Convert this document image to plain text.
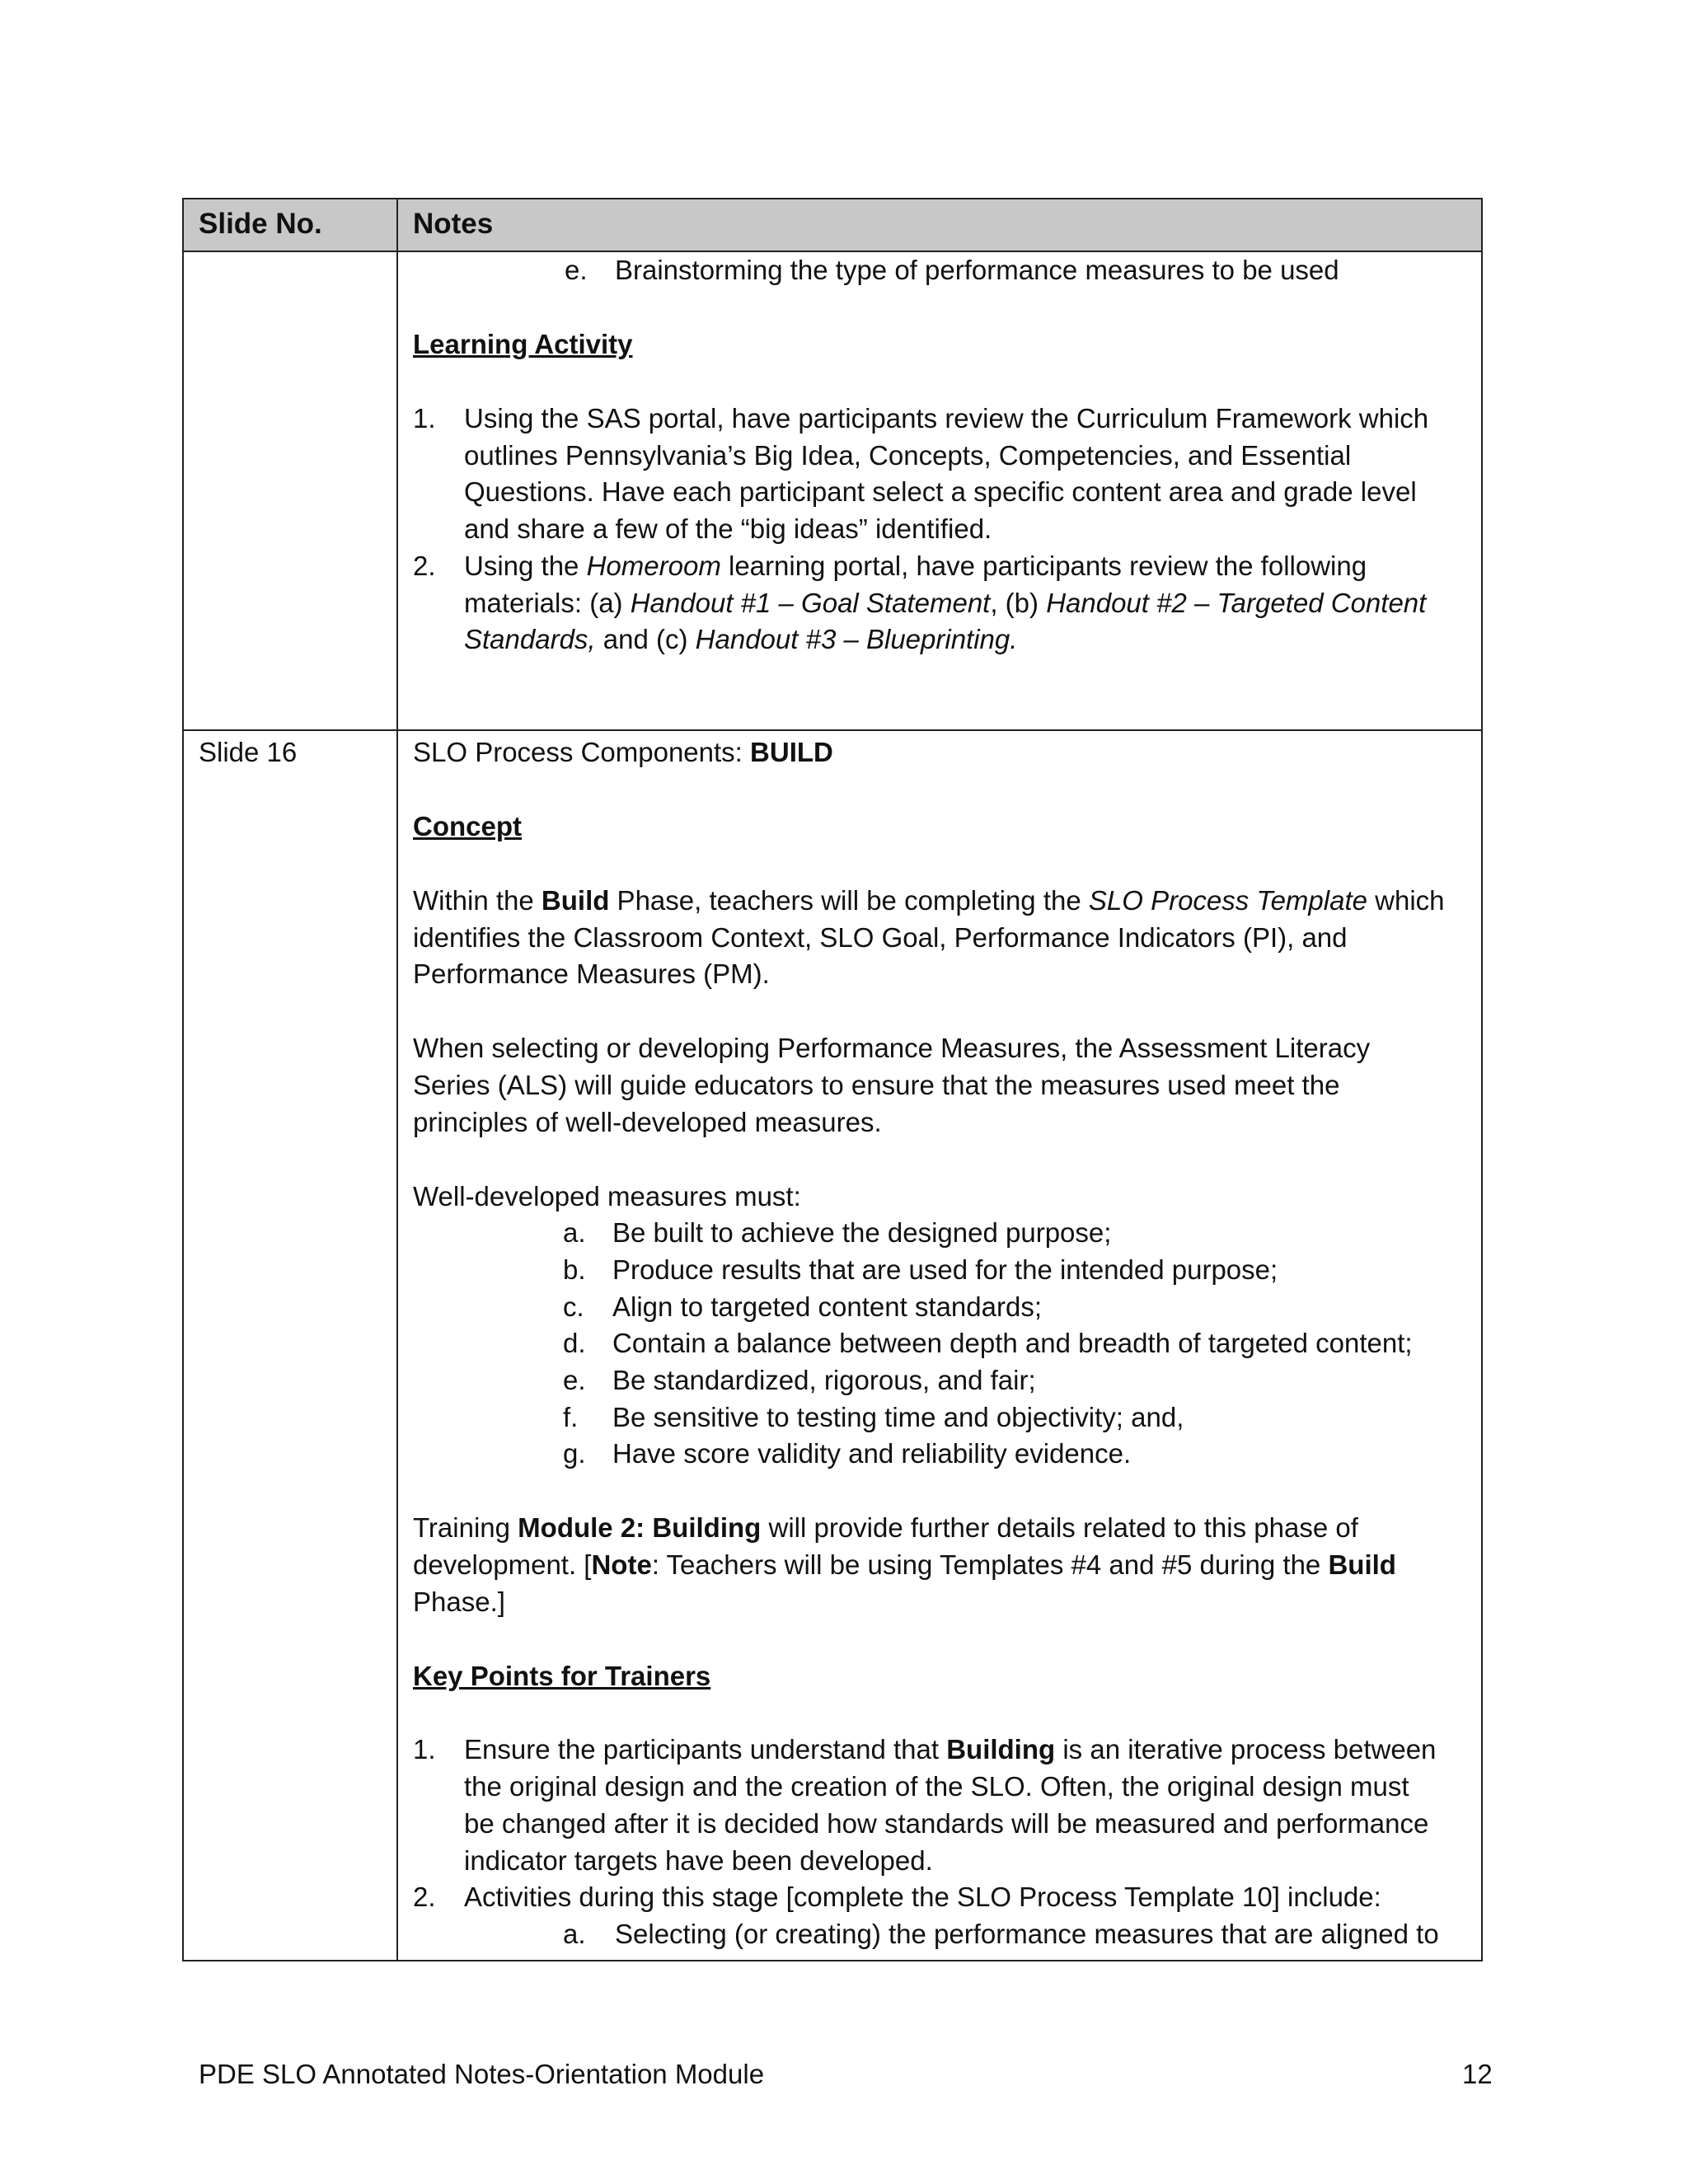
Slide No.	Notes
e. Brainstorming the type of performance measures to be used
Learning Activity
1. Using the SAS portal, have participants review the Curriculum Framework which
outlines Pennsylvania’s Big Idea, Concepts, Competencies, and Essential
Questions. Have each participant select a specific content area and grade level
and share a few of the “big ideas” identified.
2. Using the Homeroom learning portal, have participants review the following
materials: (a) Handout #1 – Goal Statement, (b) Handout #2 – Targeted Content
Standards, and (c) Handout #3 – Blueprinting.
Slide 16	SLO Process Components: BUILD
Concept
Within the Build Phase, teachers will be completing the SLO Process Template which
identifies the Classroom Context, SLO Goal, Performance Indicators (PI), and
Performance Measures (PM).
When selecting or developing Performance Measures, the Assessment Literacy
Series (ALS) will guide educators to ensure that the measures used meet the
principles of well-developed measures.
Well-developed measures must:
a. Be built to achieve the designed purpose;
b. Produce results that are used for the intended purpose;
c. Align to targeted content standards;
d. Contain a balance between depth and breadth of targeted content;
e. Be standardized, rigorous, and fair;
f. Be sensitive to testing time and objectivity; and,
g. Have score validity and reliability evidence.
Training Module 2: Building will provide further details related to this phase of
development. [Note: Teachers will be using Templates #4 and #5 during the Build
Phase.]
Key Points for Trainers
1. Ensure the participants understand that Building is an iterative process between
the original design and the creation of the SLO. Often, the original design must
be changed after it is decided how standards will be measured and performance
indicator targets have been developed.
2. Activities during this stage [complete the SLO Process Template 10] include:
a. Selecting (or creating) the performance measures that are aligned to
PDE SLO Annotated Notes-Orientation Module	12
